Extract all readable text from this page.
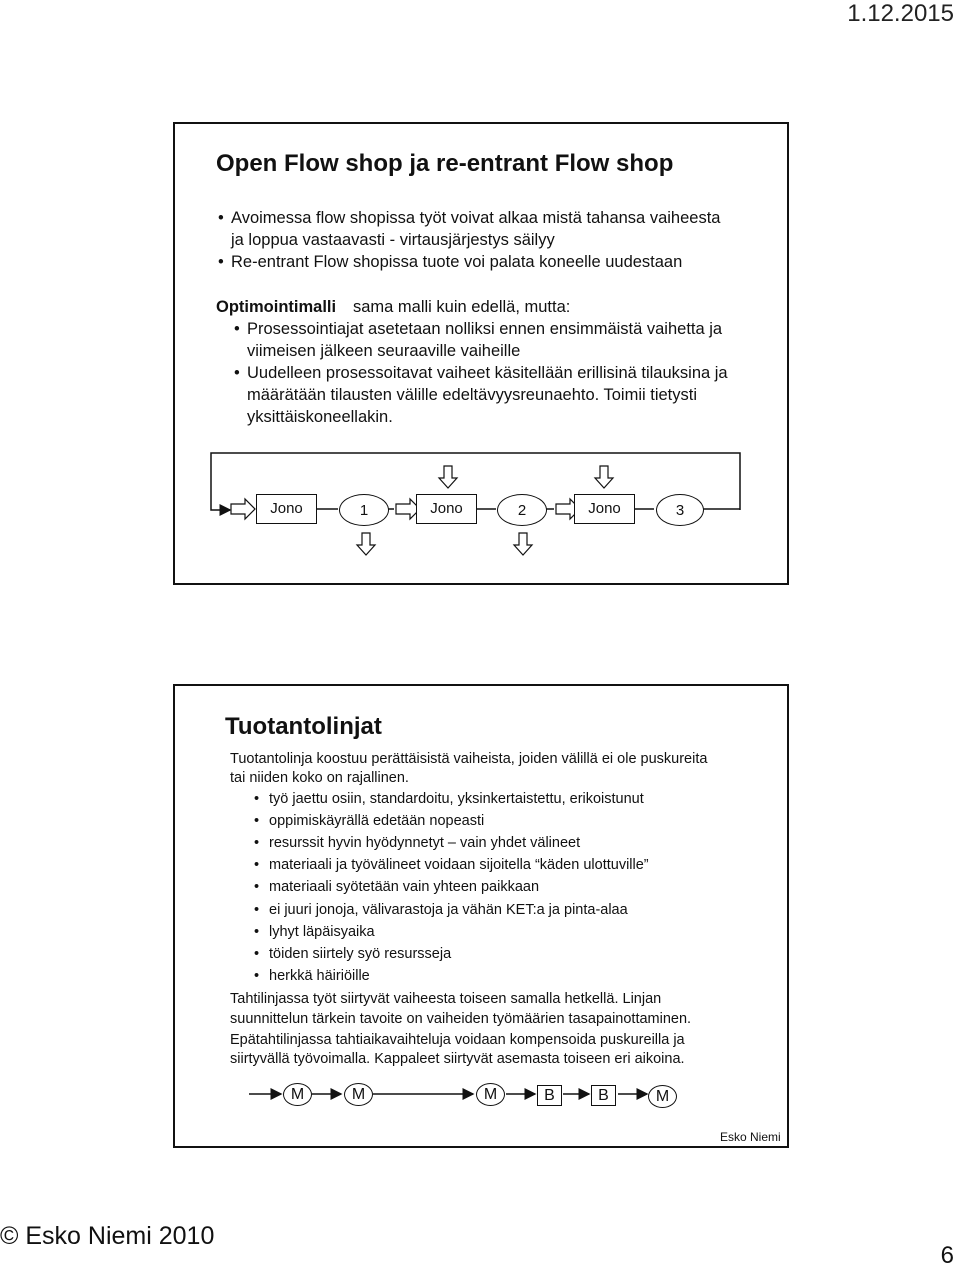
1.12.2015
Open Flow shop ja re-entrant Flow shop
• Avoimessa flow shopissa työt voivat alkaa mistä tahansa vaiheesta
ja loppua vastaavasti - virtausjärjestys säilyy
• Re-entrant Flow shopissa tuote voi palata koneelle uudestaan
Optimointimalli sama malli kuin edellä, mutta:
• Prosessointiajat asetetaan nolliksi ennen ensimmäistä vaihetta ja
viimeisen jälkeen seuraaville vaiheille
• Uudelleen prosessoitavat vaiheet käsitellään erillisinä tilauksina ja
määrätään tilausten välille edeltävyysreunaehto. Toimii tietysti
yksittäiskoneellakin.
Jono	1	Jono	2	Jono	3
Tuotantolinjat
Tuotantolinja koostuu perättäisistä vaiheista, joiden välillä ei ole puskureita
tai niiden koko on rajallinen.
• työ jaettu osiin, standardoitu, yksinkertaistettu, erikoistunut
• oppimiskäyrällä edetään nopeasti
• resurssit hyvin hyödynnetyt – vain yhdet välineet
• materiaali ja työvälineet voidaan sijoitella “käden ulottuville”
• materiaali syötetään vain yhteen paikkaan
• ei juuri jonoja, välivarastoja ja vähän KET:a ja pinta-alaa
• lyhyt läpäisyaika
• töiden siirtely syö resursseja
• herkkä häiriöille
Tahtilinjassa työt siirtyvät vaiheesta toiseen samalla hetkellä. Linjan
suunnittelun tärkein tavoite on vaiheiden työmäärien tasapainottaminen.
Epätahtilinjassa tahtiaikavaihteluja voidaan kompensoida puskureilla ja
siirtyvällä työvoimalla. Kappaleet siirtyvät asemasta toiseen eri aikoina.
M	M	M	B	B	M
Esko Niemi
© Esko Niemi 2010
6
